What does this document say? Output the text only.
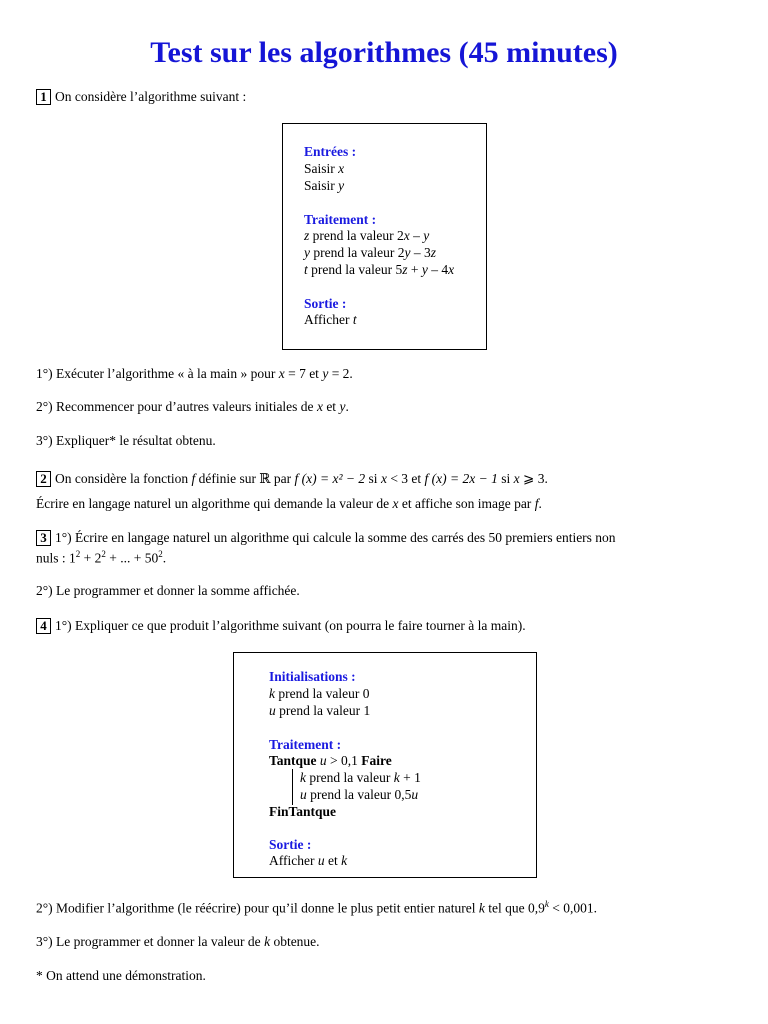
Test sur les algorithmes (45 minutes)
1 On considère l’algorithme suivant :
Entrées :
Saisir x
Saisir y
Traitement :
z prend la valeur 2x – y
y prend la valeur 2y – 3z
t prend la valeur 5z + y – 4x
Sortie :
Afficher t
1°) Exécuter l’algorithme « à la main » pour x = 7 et y = 2.
2°) Recommencer pour d’autres valeurs initiales de x et y.
3°) Expliquer* le résultat obtenu.
2 On considère la fonction f définie sur ℝ par f (x) = x² − 2 si x < 3 et f (x) = 2x − 1 si x ⩾ 3.
Écrire en langage naturel un algorithme qui demande la valeur de x et affiche son image par f.
3 1°) Écrire en langage naturel un algorithme qui calcule la somme des carrés des 50 premiers entiers non
nuls : $1^2 + 2^2$ + ... + $50^2$.
2°) Le programmer et donner la somme affichée.
4 1°) Expliquer ce que produit l’algorithme suivant (on pourra le faire tourner à la main).
Initialisations :
k prend la valeur 0
u prend la valeur 1
Traitement :
Tantque u > 0,1 Faire
k prend la valeur k + 1
u prend la valeur 0,5u
FinTantque
Sortie :
Afficher u et k
2°) Modifier l’algorithme (le réécrire) pour qu’il donne le plus petit entier naturel k tel que $0,9^k < 0,001$.
3°) Le programmer et donner la valeur de k obtenue.
* On attend une démonstration.
